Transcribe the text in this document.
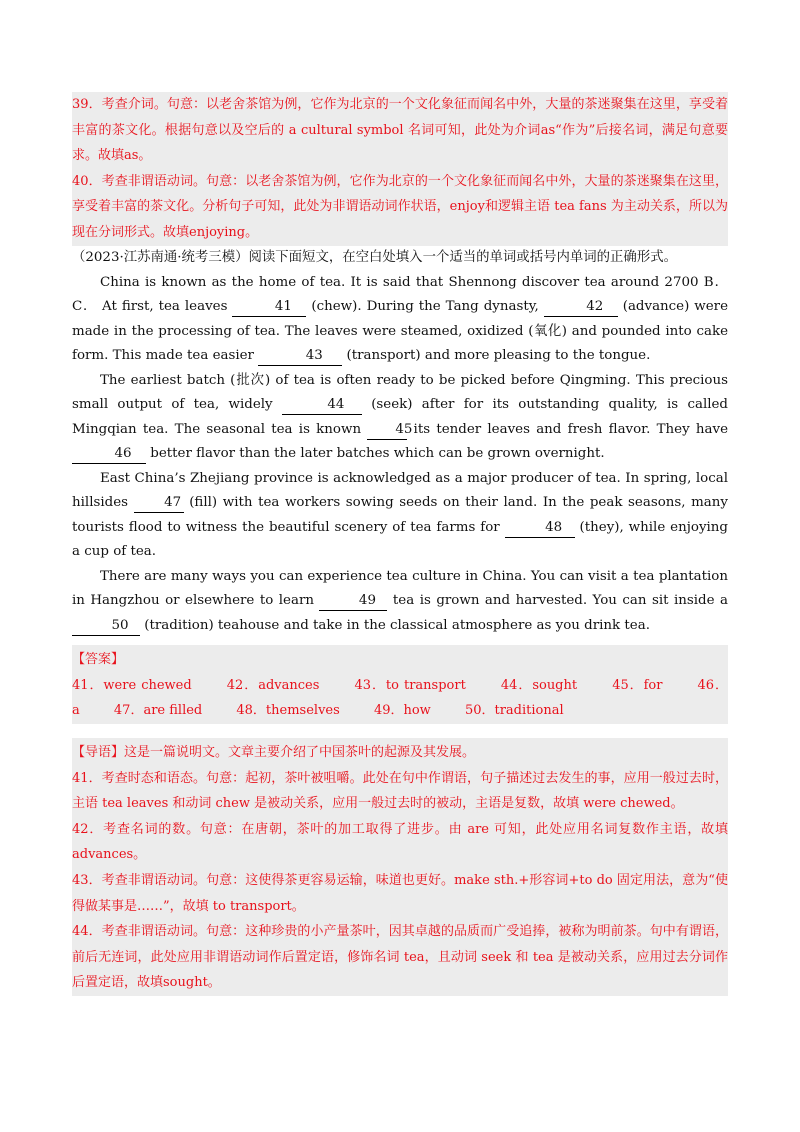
39．考查介词。句意：以老舍茶馆为例，它作为北京的一个文化象征而闻名中外，大量的茶迷聚集在这里，享受着丰富的茶文化。根据句意以及空后的 a cultural symbol 名词可知，此处为介词as“作为”后接名词，满足句意要求。故填as。

40．考查非谓语动词。句意：以老舍茶馆为例，它作为北京的一个文化象征而闻名中外，大量的茶迷聚集在这里，享受着丰富的茶文化。分析句子可知，此处为非谓语动词作状语，enjoy和逻辑主语 tea fans 为主动关系，所以为现在分词形式。故填enjoying。

（2023·江苏南通·统考三模）阅读下面短文，在空白处填入一个适当的单词或括号内单词的正确形式。

China is known as the home of tea. It is said that Shennong discover tea around 2700 B．C． At first, tea leaves	41 (chew). During the Tang dynasty,	42 (advance) were made in the processing of tea. The leaves were steamed, oxidized (氧化) and pounded into cake form. This made tea easier	43 (transport) and more pleasing to the tongue.

The earliest batch (批次) of tea is often ready to be picked before Qingming. This precious small output of tea, widely	44 (seek) after for its outstanding quality, is called Mingqian tea. The seasonal tea is known 45 its tender leaves and fresh flavor. They have 46 better flavor than the later batches which can be grown overnight.

East China’s Zhejiang province is acknowledged as a major producer of tea. In spring, local hillsides 47 (fill) with tea workers sowing seeds on their land. In the peak seasons, many tourists flood to witness the beautiful scenery of tea farms for	48 (they), while enjoying a cup of tea.

There are many ways you can experience tea culture in China. You can visit a tea plantation in Hangzhou or elsewhere to learn	49 tea is grown and harvested. You can sit inside a 50 (tradition) teahouse and take in the classical atmosphere as you drink tea.

【答案】

41．were chewed	42．advances	43．to transport	44．sought	45．for	46．a	47．are filled	48．themselves	49．how	50．traditional

【导语】这是一篇说明文。文章主要介绍了中国茶叶的起源及其发展。

41．考查时态和语态。句意：起初，茶叶被咀嚼。此处在句中作谓语，句子描述过去发生的事，应用一般过去时，主语 tea leaves 和动词 chew 是被动关系，应用一般过去时的被动，主语是复数，故填 were chewed。

42．考查名词的数。句意：在唐朝，茶叶的加工取得了进步。由 are 可知，此处应用名词复数作主语，故填advances。

43．考查非谓语动词。句意：这使得茶更容易运输，味道也更好。make sth.+形容词+to do 固定用法，意为“使得做某事是……”，故填 to transport。

44．考查非谓语动词。句意：这种珍贵的小产量茶叶，因其卓越的品质而广受追捧，被称为明前茶。句中有谓语，前后无连词，此处应用非谓语动词作后置定语，修饰名词 tea，且动词 seek 和 tea 是被动关系，应用过去分词作后置定语，故填sought。
